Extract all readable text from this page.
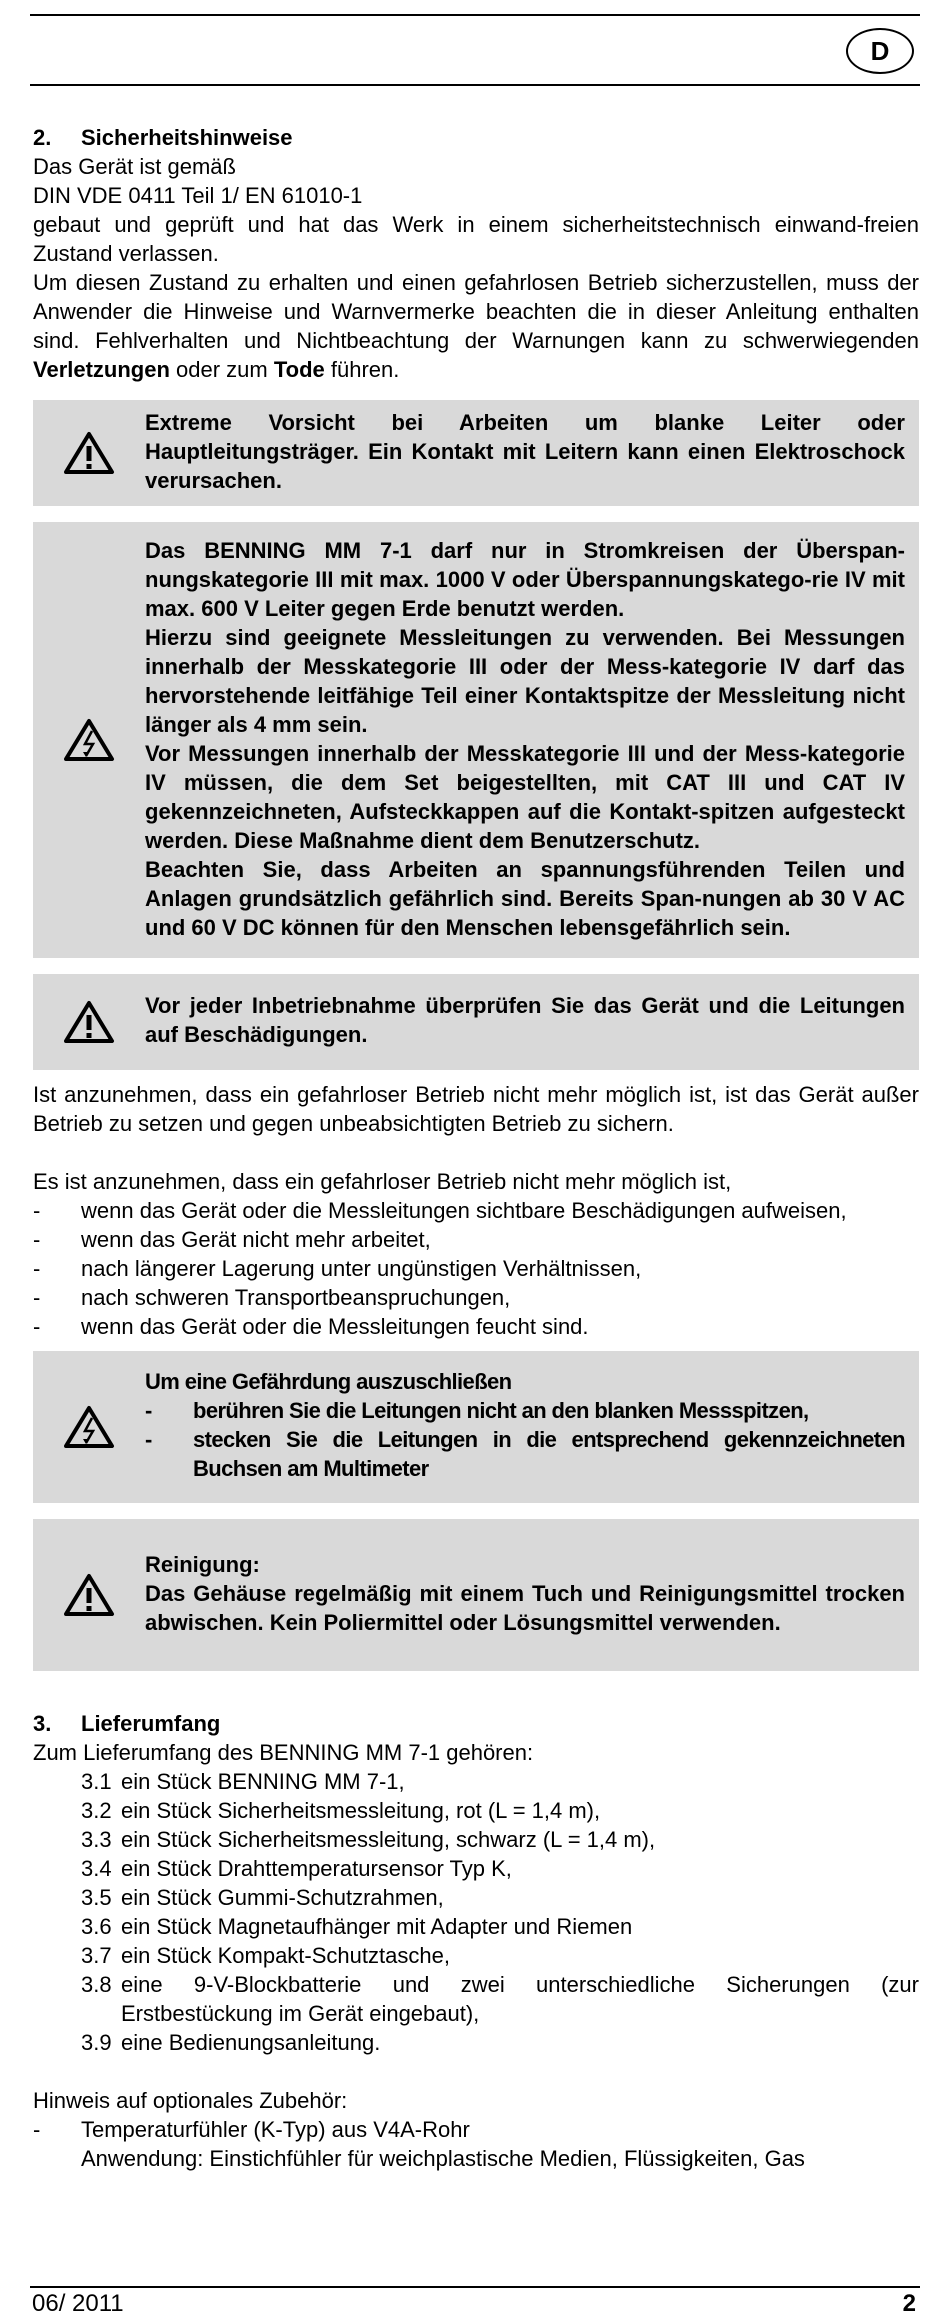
D
2. Sicherheitshinweise

Das Gerät ist gemäß

DIN VDE 0411 Teil 1/ EN 61010-1

gebaut und geprüft und hat das Werk in einem sicherheitstechnisch einwand-freien Zustand verlassen.

Um diesen Zustand zu erhalten und einen gefahrlosen Betrieb sicherzustellen, muss der Anwender die Hinweise und Warnvermerke beachten die in dieser Anleitung enthalten sind. Fehlverhalten und Nichtbeachtung der Warnungen kann zu schwerwiegenden Verletzungen oder zum Tode führen.

Extreme Vorsicht bei Arbeiten um blanke Leiter oder Hauptleitungsträger. Ein Kontakt mit Leitern kann einen Elektroschock verursachen.

Das BENNING MM 7-1 darf nur in Stromkreisen der Überspan-nungskategorie III mit max. 1000 V oder Überspannungskatego-rie IV mit max. 600 V Leiter gegen Erde benutzt werden.

Hierzu sind geeignete Messleitungen zu verwenden. Bei Messungen innerhalb der Messkategorie III oder der Mess-kategorie IV darf das hervorstehende leitfähige Teil einer Kontaktspitze der Messleitung nicht länger als 4 mm sein.

Vor Messungen innerhalb der Messkategorie III und der Mess-kategorie IV müssen, die dem Set beigestellten, mit CAT III und CAT IV gekennzeichneten, Aufsteckkappen auf die Kontakt-spitzen aufgesteckt werden. Diese Maßnahme dient dem Benutzerschutz.

Beachten Sie, dass Arbeiten an spannungsführenden Teilen und Anlagen grundsätzlich gefährlich sind. Bereits Span-nungen ab 30 V AC und 60 V DC können für den Menschen lebensgefährlich sein.

Vor jeder Inbetriebnahme überprüfen Sie das Gerät und die Leitungen auf Beschädigungen.

Ist anzunehmen, dass ein gefahrloser Betrieb nicht mehr möglich ist, ist das Gerät außer Betrieb zu setzen und gegen unbeabsichtigten Betrieb zu sichern.

Es ist anzunehmen, dass ein gefahrloser Betrieb nicht mehr möglich ist,

-	wenn das Gerät oder die Messleitungen sichtbare Beschädigungen aufweisen,
-	wenn das Gerät nicht mehr arbeitet,
-	nach längerer Lagerung unter ungünstigen Verhältnissen,
-	nach schweren Transportbeanspruchungen,
-	wenn das Gerät oder die Messleitungen feucht sind.

Um eine Gefährdung auszuschließen

-	berühren Sie die Leitungen nicht an den blanken Messspitzen,
-	stecken Sie die Leitungen in die entsprechend gekennzeichneten Buchsen am Multimeter

Reinigung:

Das Gehäuse regelmäßig mit einem Tuch und Reinigungsmittel trocken abwischen. Kein Poliermittel oder Lösungsmittel verwenden.

3. Lieferumfang

Zum Lieferumfang des BENNING MM 7-1 gehören:

3.1 ein Stück BENNING MM 7-1,
3.2 ein Stück Sicherheitsmessleitung, rot (L = 1,4 m),
3.3 ein Stück Sicherheitsmessleitung, schwarz (L = 1,4 m),
3.4 ein Stück Drahttemperatursensor Typ K,
3.5 ein Stück Gummi-Schutzrahmen,
3.6 ein Stück Magnetaufhänger mit Adapter und Riemen
3.7 ein Stück Kompakt-Schutztasche,
3.8 eine 9-V-Blockbatterie und zwei unterschiedliche Sicherungen (zur Erstbestückung im Gerät eingebaut),
3.9 eine Bedienungsanleitung.

Hinweis auf optionales Zubehör:

-	Temperaturfühler (K-Typ) aus V4A-Rohr
Anwendung: Einstichfühler für weichplastische Medien, Flüssigkeiten, Gas
06/ 2011	2
